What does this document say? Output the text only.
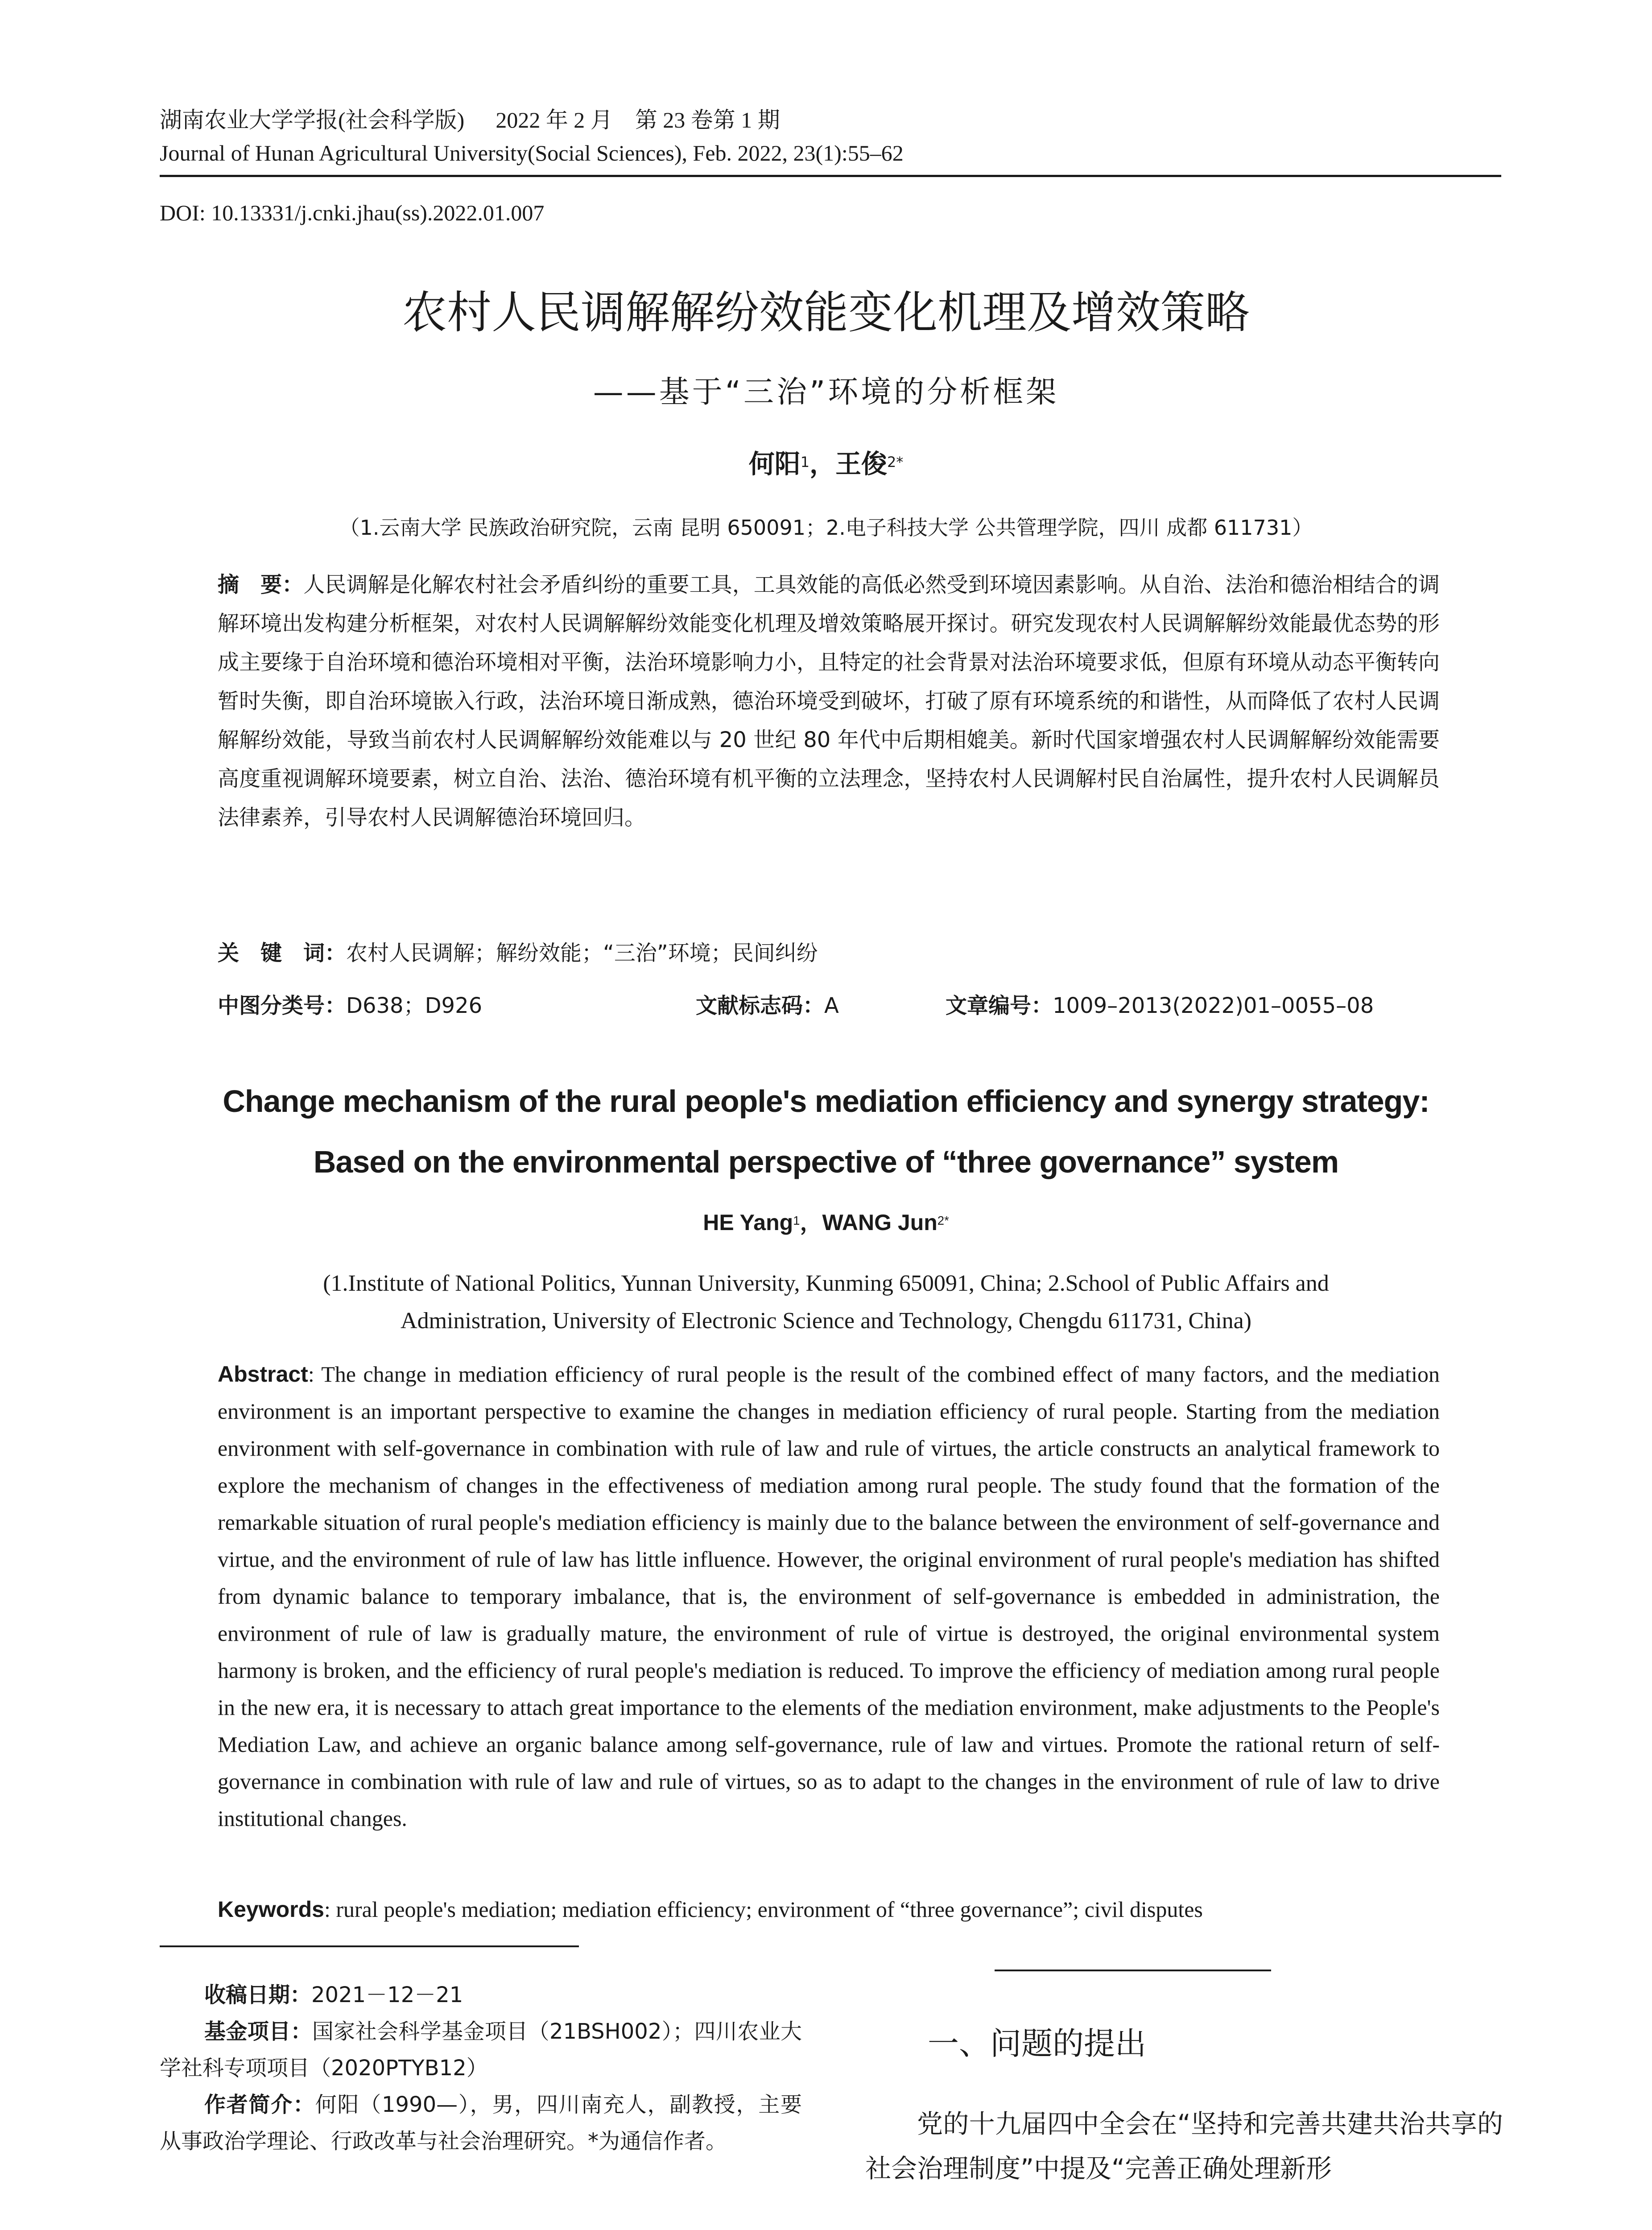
湖南农业大学学报(社会科学版) 2022 年 2 月 第 23 卷第 1 期
Journal of Hunan Agricultural University(Social Sciences), Feb. 2022, 23(1):55–62
DOI: 10.13331/j.cnki.jhau(ss).2022.01.007
农村人民调解解纷效能变化机理及增效策略
——基于“三治”环境的分析框架
何阳$^1$，王俊$^{2*}$
（1.云南大学 民族政治研究院，云南 昆明 650091；2.电子科技大学 公共管理学院，四川 成都 611731）
摘　要：人民调解是化解农村社会矛盾纠纷的重要工具，工具效能的高低必然受到环境因素影响。从自治、法治和德治相结合的调解环境出发构建分析框架，对农村人民调解解纷效能变化机理及增效策略展开探讨。研究发现农村人民调解解纷效能最优态势的形成主要缘于自治环境和德治环境相对平衡，法治环境影响力小，且特定的社会背景对法治环境要求低，但原有环境从动态平衡转向暂时失衡，即自治环境嵌入行政，法治环境日渐成熟，德治环境受到破坏，打破了原有环境系统的和谐性，从而降低了农村人民调解解纷效能，导致当前农村人民调解解纷效能难以与 20 世纪 80 年代中后期相媲美。新时代国家增强农村人民调解解纷效能需要高度重视调解环境要素，树立自治、法治、德治环境有机平衡的立法理念，坚持农村人民调解村民自治属性，提升农村人民调解员法律素养，引导农村人民调解德治环境回归。
关　键　词：农村人民调解；解纷效能；“三治”环境；民间纠纷
中图分类号：D638；D926	文献标志码：A	文章编号：1009–2013(2022)01–0055–08
Change mechanism of the rural people's mediation efficiency and synergy strategy:
Based on the environmental perspective of “three governance” system
HE Yang$^1$，WANG Jun$^{2*}$
(1.Institute of National Politics, Yunnan University, Kunming 650091, China; 2.School of Public Affairs and Administration, University of Electronic Science and Technology, Chengdu 611731, China)
Abstract: The change in mediation efficiency of rural people is the result of the combined effect of many factors, and the mediation environment is an important perspective to examine the changes in mediation efficiency of rural people. Starting from the mediation environment with self-governance in combination with rule of law and rule of virtues, the article constructs an analytical framework to explore the mechanism of changes in the effectiveness of mediation among rural people. The study found that the formation of the remarkable situation of rural people's mediation efficiency is mainly due to the balance between the environment of self-governance and virtue, and the environment of rule of law has little influence. However, the original environment of rural people's mediation has shifted from dynamic balance to temporary imbalance, that is, the environment of self-governance is embedded in administration, the environment of rule of law is gradually mature, the environment of rule of virtue is destroyed, the original environmental system harmony is broken, and the efficiency of rural people's mediation is reduced. To improve the efficiency of mediation among rural people in the new era, it is necessary to attach great importance to the elements of the mediation environment, make adjustments to the People's Mediation Law, and achieve an organic balance among self-governance, rule of law and virtues. Promote the rational return of self-governance in combination with rule of law and rule of virtues, so as to adapt to the changes in the environment of rule of law to drive institutional changes.
Keywords: rural people's mediation; mediation efficiency; environment of “three governance”; civil disputes

收稿日期：2021－12－21

基金项目：国家社会科学基金项目（21BSH002）；四川农业大学社科专项项目（2020PTYB12）

作者简介：何阳（1990—），男，四川南充人，副教授，主要从事政治学理论、行政改革与社会治理研究。*为通信作者。

一、问题的提出

党的十九届四中全会在“坚持和完善共建共治共享的社会治理制度”中提及“完善正确处理新形
